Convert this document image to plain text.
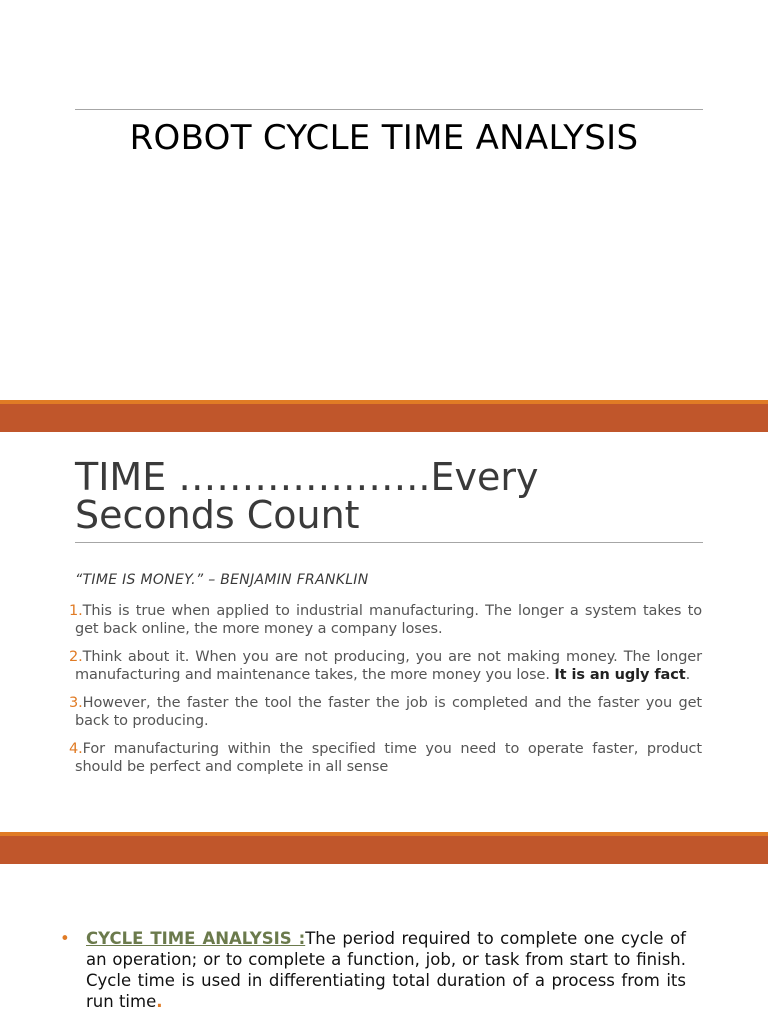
ROBOT CYCLE TIME ANALYSIS
TIME ………………..Every
Seconds Count
“TIME IS MONEY.” – BENJAMIN FRANKLIN
1.This is true when applied to industrial manufacturing. The longer a system takes to get back online, the more money a company loses.
2.Think about it. When you are not producing, you are not making money. The longer manufacturing and maintenance takes, the more money you lose. It is an ugly fact.
3.However, the faster the tool the faster the job is completed and the faster you get back to producing.
4.For manufacturing within the specified time you need to operate faster, product should be perfect and complete in all sense
• CYCLE TIME ANALYSIS :The period required to complete one cycle of an operation; or to complete a function, job, or task from start to finish. Cycle time is used in differentiating total duration of a process from its run time.
